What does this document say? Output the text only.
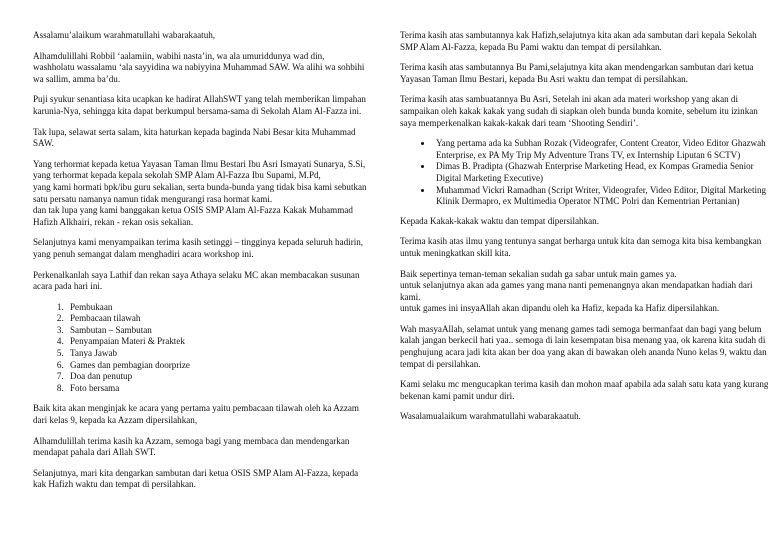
Assalamu’alaikum warahmatullahi wabarakaatuh,

Alhamdulillahi Robbil ‘aalamiin, wabihi nasta’in, wa ala umuriddunya wad din, washholatu wassalamu ‘ala sayyidina wa nabiyyina Muhammad SAW. Wa alihi wa sohbihi wa sallim, amma ba’du.

Puji syukur senantiasa kita ucapkan ke hadirat AllahSWT yang telah memberikan limpahan karunia-Nya, sehingga kita dapat berkumpul bersama-sama di Sekolah Alam Al-Fazza ini.

Tak lupa, selawat serta salam, kita haturkan kepada baginda Nabi Besar kita Muhammad SAW.

Yang terhormat kepada ketua Yayasan Taman Ilmu Bestari Ibu Asri Ismayati Sunarya, S.Si,
yang terhormat kepada kepala sekolah SMP Alam Al-Fazza Ibu Supami, M.Pd,
yang kami hormati bpk/ibu guru sekalian, serta bunda-bunda yang tidak bisa kami sebutkan satu persatu namanya namun tidak mengurangi rasa hormat kami.
dan tak lupa yang kami banggakan ketua OSIS SMP Alam Al-Fazza Kakak Muhammad Hafizh Alkhairi, rekan - rekan osis sekalian.

Selanjutnya kami menyampaikan terima kasih setinggi – tingginya kepada seluruh hadirin, yang penuh semangat dalam menghadiri acara workshop ini.

Perkenalkanlah saya Lathif dan rekan saya Athaya selaku MC akan membacakan susunan acara pada hari ini.

1. Pembukaan
2. Pembacaan tilawah
3. Sambutan – Sambutan
4. Penyampaian Materi & Praktek
5. Tanya Jawab
6. Games dan pembagian doorprize
7. Doa dan penutup
8. Foto bersama

Baik kita akan menginjak ke acara yang pertama yaitu pembacaan tilawah oleh ka Azzam dari kelas 9, kepada ka Azzam dipersilahkan,

Alhamdulillah terima kasih ka Azzam, semoga bagi yang membaca dan mendengarkan mendapat pahala dari Allah SWT.

Selanjutnya, mari kita dengarkan sambutan dari ketua OSIS SMP Alam Al-Fazza, kepada kak Hafizh waktu dan tempat di persilahkan.

Terima kasih atas sambutannya kak Hafizh,selajutnya kita akan ada sambutan dari kepala Sekolah SMP Alam Al-Fazza, kepada Bu Pami waktu dan tempat di persilahkan.

Terima kasih atas sambutannya Bu Pami,selajutnya kita akan mendengarkan sambutan dari ketua Yayasan Taman Ilmu Bestari, kepada Bu Asri waktu dan tempat di persilahkan.

Terima kasih atas sambuatannya Bu Asri, Setelah ini akan ada materi workshop yang akan di sampaikan oleh kakak kakak yang sudah di siapkan oleh bunda bunda komite, sebelum itu izinkan saya memperkenalkan kakak-kakak dari team ‘Shooting Sendiri’.

• Yang pertama ada ka Subhan Rozak (Videografer, Content Creator, Video Editor Ghazwah Enterprise, ex PA My Trip My Adventure Trans TV, ex Internship Liputan 6 SCTV)
• Dimas B. Pradipta (Ghazwah Enterprise Marketing Head, ex Kompas Gramedia Senior Digital Marketing Executive)
• Muhammad Vickri Ramadhan (Script Writer, Videografer, Video Editor, Digital Marketing Klinik Dermapro, ex Multimedia Operator NTMC Polri dan Kementrian Pertanian)

Kepada Kakak-kakak waktu dan tempat dipersilahkan.

Terima kasih atas ilmu yang tentunya sangat berharga untuk kita dan semoga kita bisa kembangkan untuk meningkatkan skill kita.

Baik sepertinya teman-teman sekalian sudah ga sabar untuk main games ya.
untuk selanjutnya akan ada games yang mana nanti pemenangnya akan mendapatkan hadiah dari kami.
untuk games ini insyaAllah akan dipandu oleh ka Hafiz, kepada ka Hafiz dipersilahkan.

Wah masyaAllah, selamat untuk yang menang games tadi semoga bermanfaat dan bagi yang belum kalah jangan berkecil hati yaa.. semoga di lain kesempatan bisa menang yaa, ok karena kita sudah di penghujung acara jadi kita akan ber doa yang akan di bawakan oleh ananda Nuno kelas 9, waktu dan tempat di persilahkan.

Kami selaku mc mengucapkan terima kasih dan mohon maaf apabila ada salah satu kata yang kurang bekenan kami pamit undur diri.

Wasalamualaikum warahmatullahi wabarakaatuh.
